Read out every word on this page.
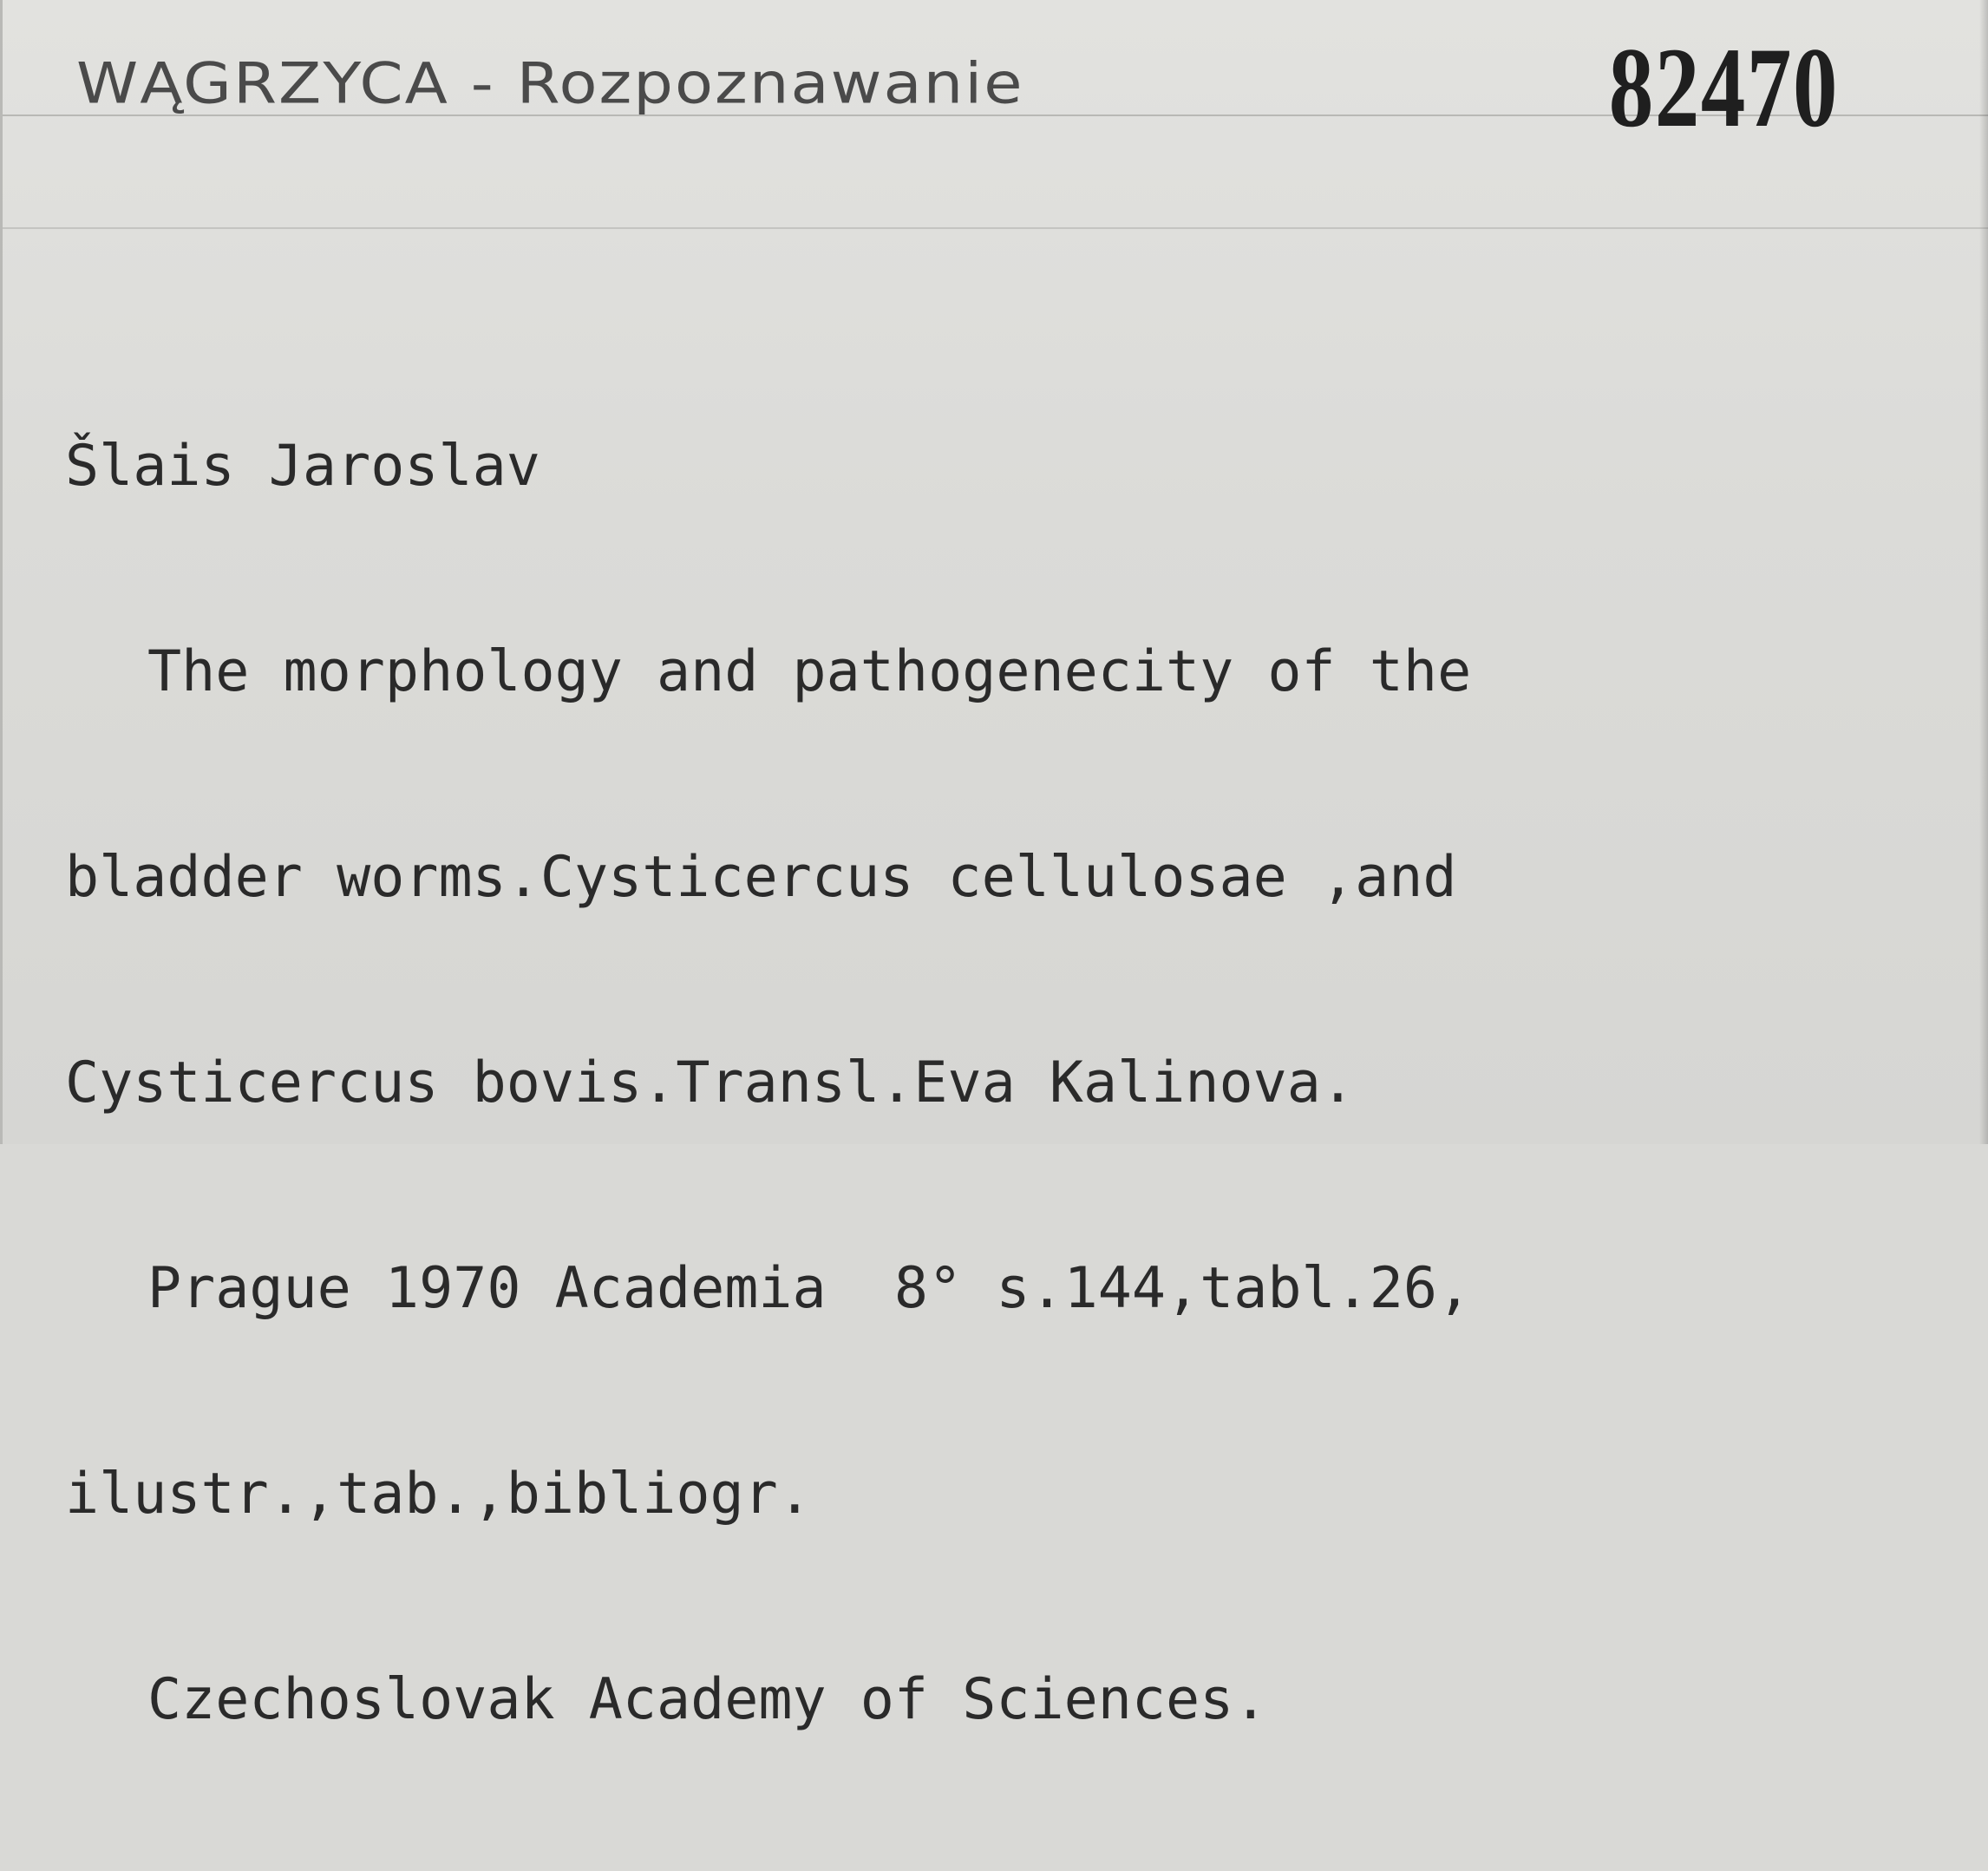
WĄGRZYCA - Rozpoznawanie	82470

Šlais Jaroslav

The morphology and pathogenecity of the

bladder worms.Cysticercus cellulosae ,and

Cysticercus bovis.Transl.Eva Kalinova.

Prague 1970 Academia  8° s.144,tabl.26,

ilustr.,tab.,bibliogr.

Czechoslovak Academy of Sciences.
